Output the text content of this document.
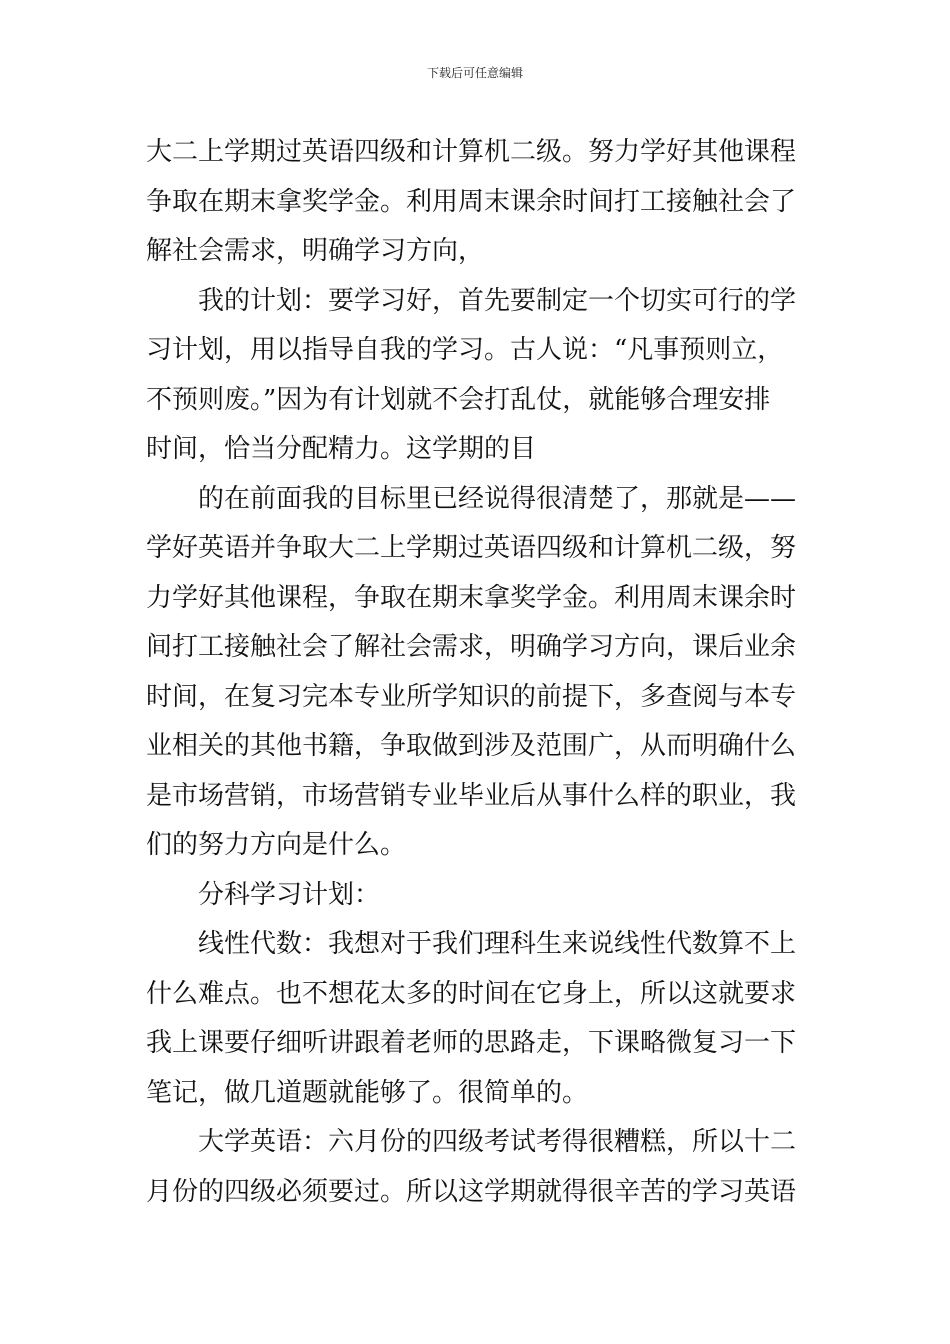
下载后可任意编辑
大二上学期过英语四级和计算机二级。努力学好其他课程
争取在期末拿奖学金。利用周末课余时间打工接触社会了
解社会需求，明确学习方向，
我的计划：要学习好，首先要制定一个切实可行的学
习计划，用以指导自我的学习。古人说：“凡事预则立，
不预则废。”因为有计划就不会打乱仗，就能够合理安排
时间，恰当分配精力。这学期的目
的在前面我的目标里已经说得很清楚了，那就是——
学好英语并争取大二上学期过英语四级和计算机二级，努
力学好其他课程，争取在期末拿奖学金。利用周末课余时
间打工接触社会了解社会需求，明确学习方向，课后业余
时间，在复习完本专业所学知识的前提下，多查阅与本专
业相关的其他书籍，争取做到涉及范围广，从而明确什么
是市场营销，市场营销专业毕业后从事什么样的职业，我
们的努力方向是什么。
分科学习计划：
线性代数：我想对于我们理科生来说线性代数算不上
什么难点。也不想花太多的时间在它身上，所以这就要求
我上课要仔细听讲跟着老师的思路走，下课略微复习一下
笔记，做几道题就能够了。很简单的。
大学英语：六月份的四级考试考得很糟糕，所以十二
月份的四级必须要过。所以这学期就得很辛苦的学习英语
